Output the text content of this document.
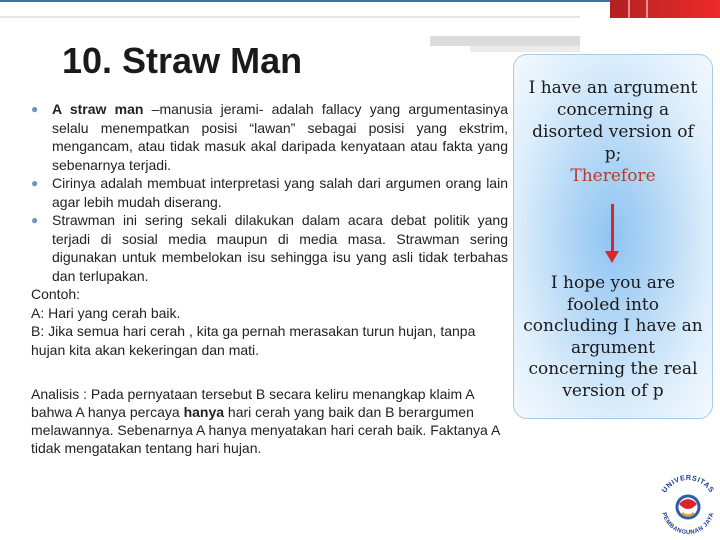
10. Straw Man
● A straw man –manusia jerami- adalah fallacy yang argumentasinya selalu menempatkan posisi “lawan” sebagai posisi yang ekstrim, mengancam, atau tidak masuk akal daripada kenyataan atau fakta yang sebenarnya terjadi.
● Cirinya adalah membuat interpretasi yang salah dari argumen orang lain agar lebih mudah diserang.
● Strawman ini sering sekali dilakukan dalam acara debat politik yang terjadi di sosial media maupun di media masa. Strawman sering digunakan untuk membelokan isu sehingga isu yang asli tidak terbahas dan terlupakan.

Contoh:

A: Hari yang cerah baik.

B: Jika semua hari cerah , kita ga pernah merasakan turun hujan, tanpa hujan kita akan kekeringan dan mati.

Analisis : Pada pernyataan tersebut B secara keliru menangkap klaim A bahwa A hanya percaya hanya hari cerah yang baik dan B berargumen melawannya. Sebenarnya A hanya menyatakan hari cerah baik. Faktanya A tidak mengatakan tentang hari hujan.

I have an argument concerning a disorted version of p;
Therefore
I hope you are fooled into concluding I have an argument concerning the real version of p
UNIVERSITAS
PEMBANGUNAN JAYA
